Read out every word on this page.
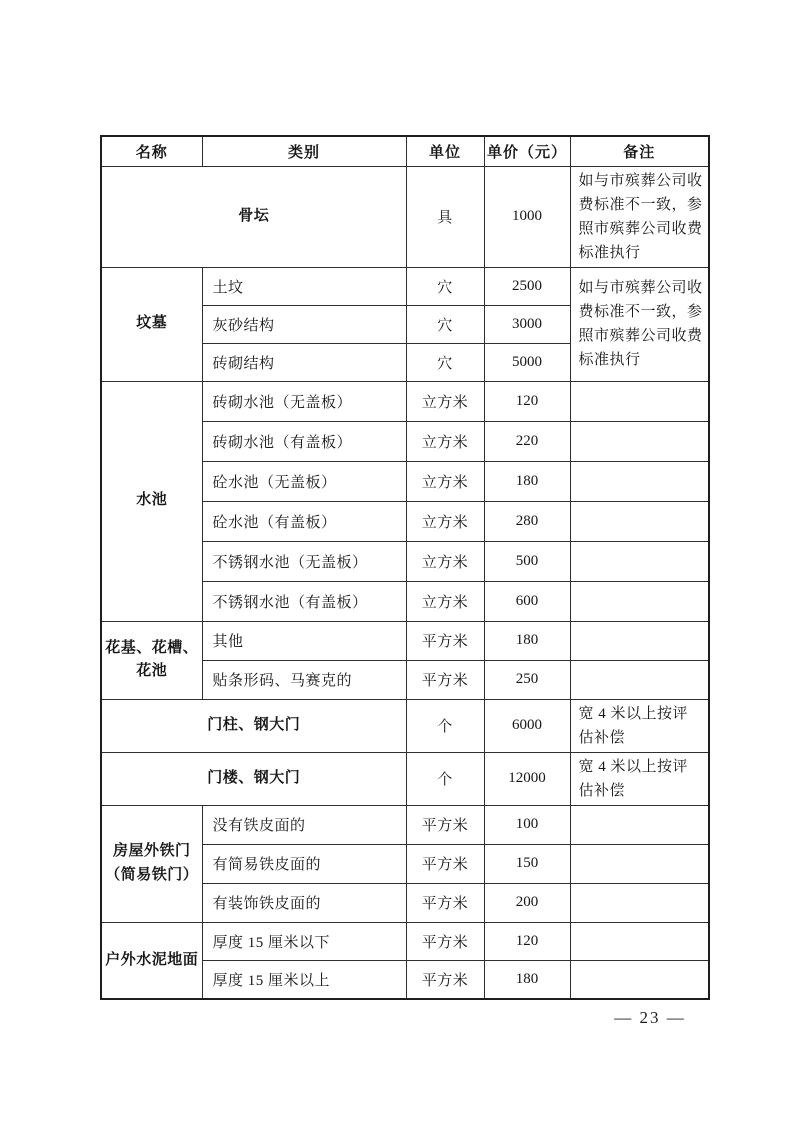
名称	类别	单位	单价（元）	备注
骨坛		具	1000	如与市殡葬公司收费标准不一致，参照市殡葬公司收费标准执行
坟墓	土坟	穴	2500	如与市殡葬公司收费标准不一致，参照市殡葬公司收费标准执行
	灰砂结构	穴	3000	
	砖砌结构	穴	5000	
水池	砖砌水池（无盖板）	立方米	120	
	砖砌水池（有盖板）	立方米	220	
	砼水池（无盖板）	立方米	180	
	砼水池（有盖板）	立方米	280	
	不锈钢水池（无盖板）	立方米	500	
	不锈钢水池（有盖板）	立方米	600	
花基、花槽、花池	其他	平方米	180	
	贴条形码、马赛克的	平方米	250	
门柱、钢大门		个	6000	宽 4 米以上按评估补偿
门楼、钢大门		个	12000	宽 4 米以上按评估补偿
房屋外铁门（简易铁门）	没有铁皮面的	平方米	100	
	有简易铁皮面的	平方米	150	
	有装饰铁皮面的	平方米	200	
户外水泥地面	厚度 15 厘米以下	平方米	120	
	厚度 15 厘米以上	平方米	180	
— 23 —
